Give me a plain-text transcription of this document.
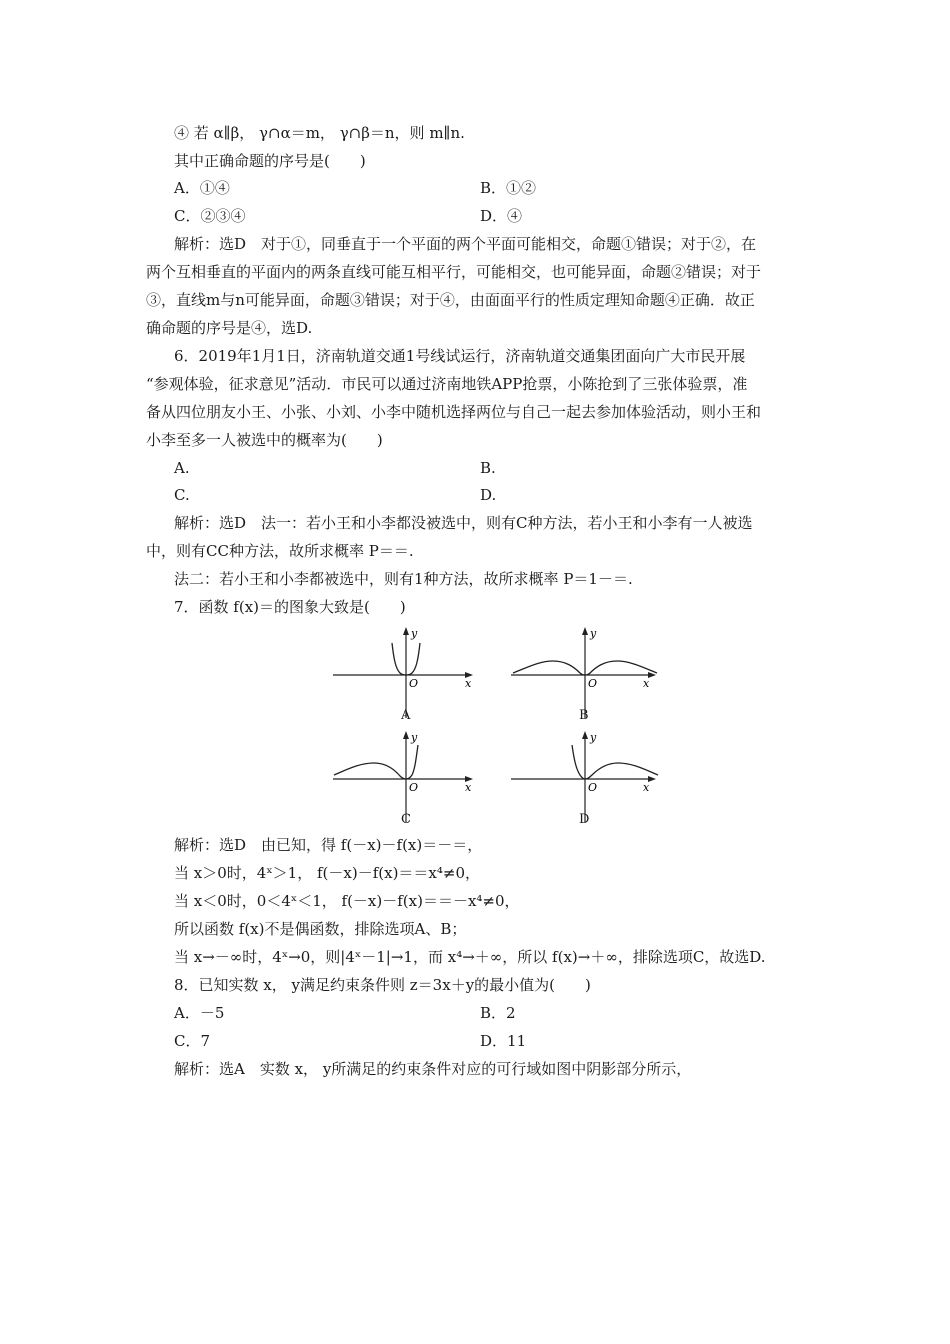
④ 若 α∥β， γ∩α＝m， γ∩β＝n，则 m∥n.
其中正确命题的序号是(　　)
A．①④	B．①②
C．②③④	D．④
解析：选D　对于①，同垂直于一个平面的两个平面可能相交，命题①错误；对于②，在
两个互相垂直的平面内的两条直线可能互相平行，可能相交，也可能异面，命题②错误；对于
③，直线m与n可能异面，命题③错误；对于④，由面面平行的性质定理知命题④正确．故正
确命题的序号是④，选D.
6．2019年1月1日，济南轨道交通1号线试运行，济南轨道交通集团面向广大市民开展
“参观体验，征求意见”活动．市民可以通过济南地铁APP抢票，小陈抢到了三张体验票，准
备从四位朋友小王、小张、小刘、小李中随机选择两位与自己一起去参加体验活动，则小王和
小李至多一人被选中的概率为(　　)
A.	B.
C.	D.
解析：选D　法一：若小王和小李都没被选中，则有C种方法，若小王和小李有一人被选
中，则有CC种方法，故所求概率 P＝＝.
法二：若小王和小李都被选中，则有1种方法，故所求概率 P＝1－＝.
7．函数 f(x)＝的图象大致是(　　)
y
x
O
A
y
x
O
B
y
x
O
C
y
x
O
D
解析：选D　由已知，得 f(－x)－f(x)＝－＝，
当 x＞0时，4ˣ＞1， f(－x)－f(x)＝＝x⁴≠0，
当 x＜0时，0＜4ˣ＜1， f(－x)－f(x)＝＝－x⁴≠0，
所以函数 f(x)不是偶函数，排除选项A、B；
当 x→－∞时，4ˣ→0，则|4ˣ－1|→1，而 x⁴→＋∞，所以 f(x)→＋∞，排除选项C，故选D.
8．已知实数 x， y满足约束条件则 z＝3x＋y的最小值为(　　)
A．－5	B．2
C．7	D．11
解析：选A　实数 x， y所满足的约束条件对应的可行域如图中阴影部分所示，
